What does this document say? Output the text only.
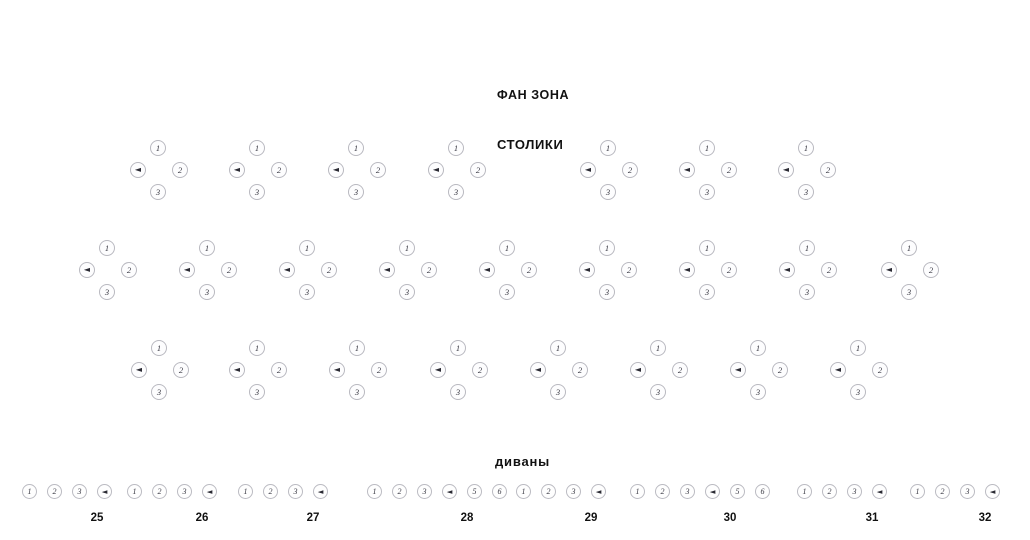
ФАН ЗОНА
СТОЛИКИ
диваны
1
◄	2
3
1
◄	2
3
1
◄	2
3
1
◄	2
3
1
◄	2
3
1
◄	2
3
1
◄	2
3
1
◄	2
3
1
◄	2
3
1
◄	2
3
1
◄	2
3
1
◄	2
3
1
◄	2
3
1
◄	2
3
1
◄	2
3
1
◄	2
3
1
◄	2
3
1
◄	2
3
1
◄	2
3
1
◄	2
3
1
◄	2
3
1
◄	2
3
1
◄	2
3
1
◄	2
3
1	2	3	◄
25
1	2	3	◄
26
1	2	3	◄
27
1	2	3	◄	5	6
28
1	2	3	◄
29
1	2	3	◄	5	6
30
1	2	3	◄
31
1	2	3	◄
32
